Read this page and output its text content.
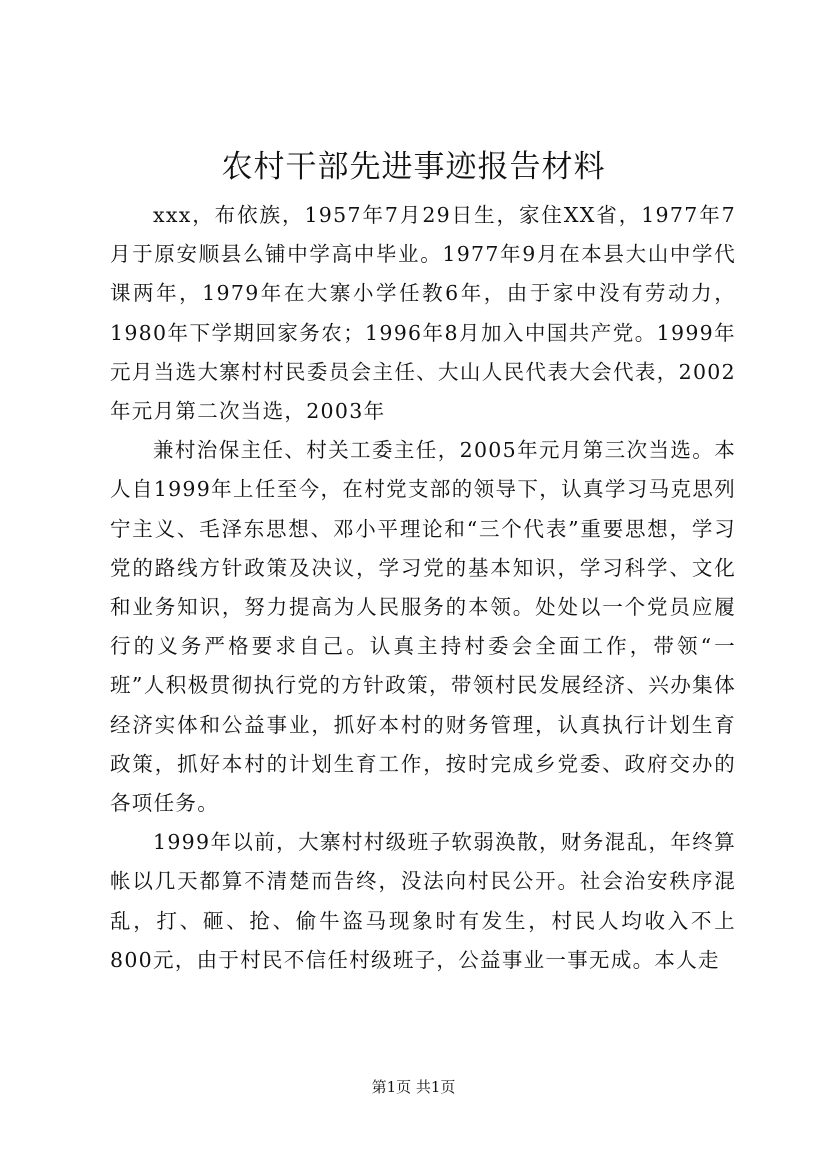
农村干部先进事迹报告材料

xxx，布依族，1957年7月29日生，家住XX省，1977年7月于原安顺县么铺中学高中毕业。1977年9月在本县大山中学代课两年，1979年在大寨小学任教6年，由于家中没有劳动力，1980年下学期回家务农；1996年8月加入中国共产党。1999年元月当选大寨村村民委员会主任、大山人民代表大会代表，2002年元月第二次当选，2003年

兼村治保主任、村关工委主任，2005年元月第三次当选。本人自1999年上任至今，在村党支部的领导下，认真学习马克思列宁主义、毛泽东思想、邓小平理论和“三个代表”重要思想，学习党的路线方针政策及决议，学习党的基本知识，学习科学、文化和业务知识，努力提高为人民服务的本领。处处以一个党员应履行的义务严格要求自己。认真主持村委会全面工作，带领“一班”人积极贯彻执行党的方针政策，带领村民发展经济、兴办集体经济实体和公益事业，抓好本村的财务管理，认真执行计划生育政策，抓好本村的计划生育工作，按时完成乡党委、政府交办的各项任务。

1999年以前，大寨村村级班子软弱涣散，财务混乱，年终算帐以几天都算不清楚而告终，没法向村民公开。社会治安秩序混乱，打、砸、抢、偷牛盗马现象时有发生，村民人均收入不上800元，由于村民不信任村级班子，公益事业一事无成。本人走

第1页 共1页
